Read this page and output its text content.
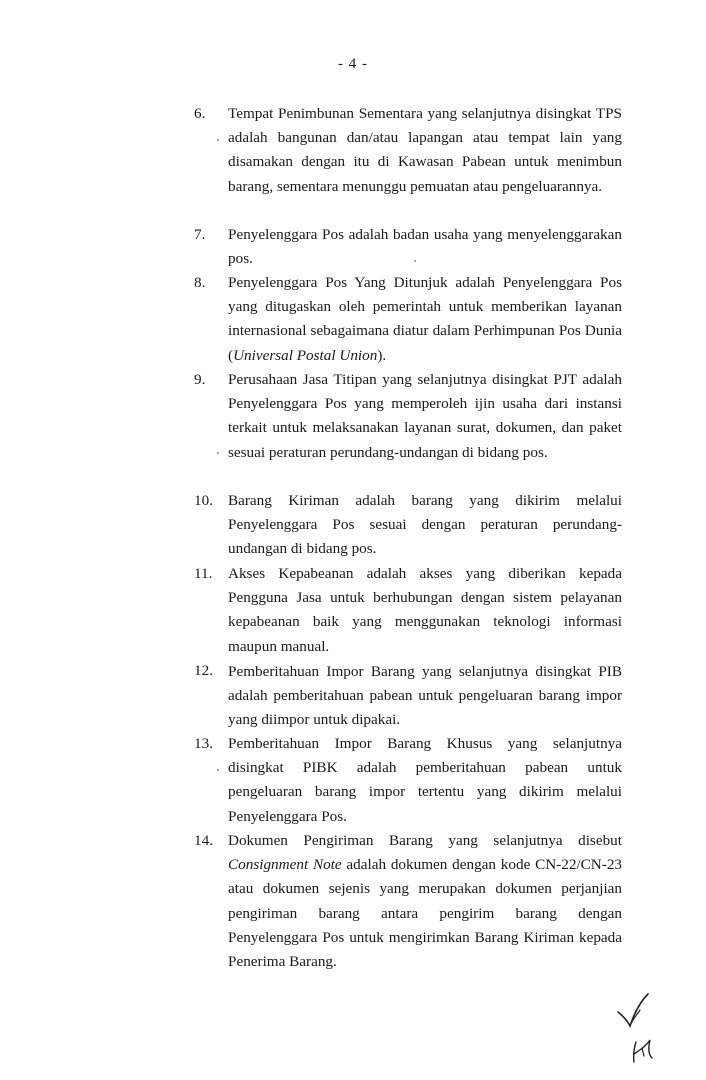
- 4 -
6.	Tempat Penimbunan Sementara yang selanjutnya disingkat TPS adalah bangunan dan/atau lapangan atau tempat lain yang disamakan dengan itu di Kawasan Pabean untuk menimbun barang, sementara menunggu pemuatan atau pengeluarannya.
7.	Penyelenggara Pos adalah badan usaha yang menyelenggarakan pos.
8.	Penyelenggara Pos Yang Ditunjuk adalah Penyelenggara Pos yang ditugaskan oleh pemerintah untuk memberikan layanan internasional sebagaimana diatur dalam Perhimpunan Pos Dunia (Universal Postal Union).
9.	Perusahaan Jasa Titipan yang selanjutnya disingkat PJT adalah Penyelenggara Pos yang memperoleh ijin usaha dari instansi terkait untuk melaksanakan layanan surat, dokumen, dan paket sesuai peraturan perundang-undangan di bidang pos.
10. Barang Kiriman adalah barang yang dikirim melalui Penyelenggara Pos sesuai dengan peraturan perundang-undangan di bidang pos.
11.	Akses Kepabeanan adalah akses yang diberikan kepada Pengguna Jasa untuk berhubungan dengan sistem pelayanan kepabeanan baik yang menggunakan teknologi informasi maupun manual.
12. Pemberitahuan Impor Barang yang selanjutnya disingkat PIB adalah pemberitahuan pabean untuk pengeluaran barang impor yang diimpor untuk dipakai.
13. Pemberitahuan Impor Barang Khusus yang selanjutnya disingkat PIBK adalah pemberitahuan pabean untuk pengeluaran barang impor tertentu yang dikirim melalui Penyelenggara Pos.
14. Dokumen Pengiriman Barang yang selanjutnya disebut Consignment Note adalah dokumen dengan kode CN-22/CN-23 atau dokumen sejenis yang merupakan dokumen perjanjian pengiriman barang antara pengirim barang dengan Penyelenggara Pos untuk mengirimkan Barang Kiriman kepada Penerima Barang.
